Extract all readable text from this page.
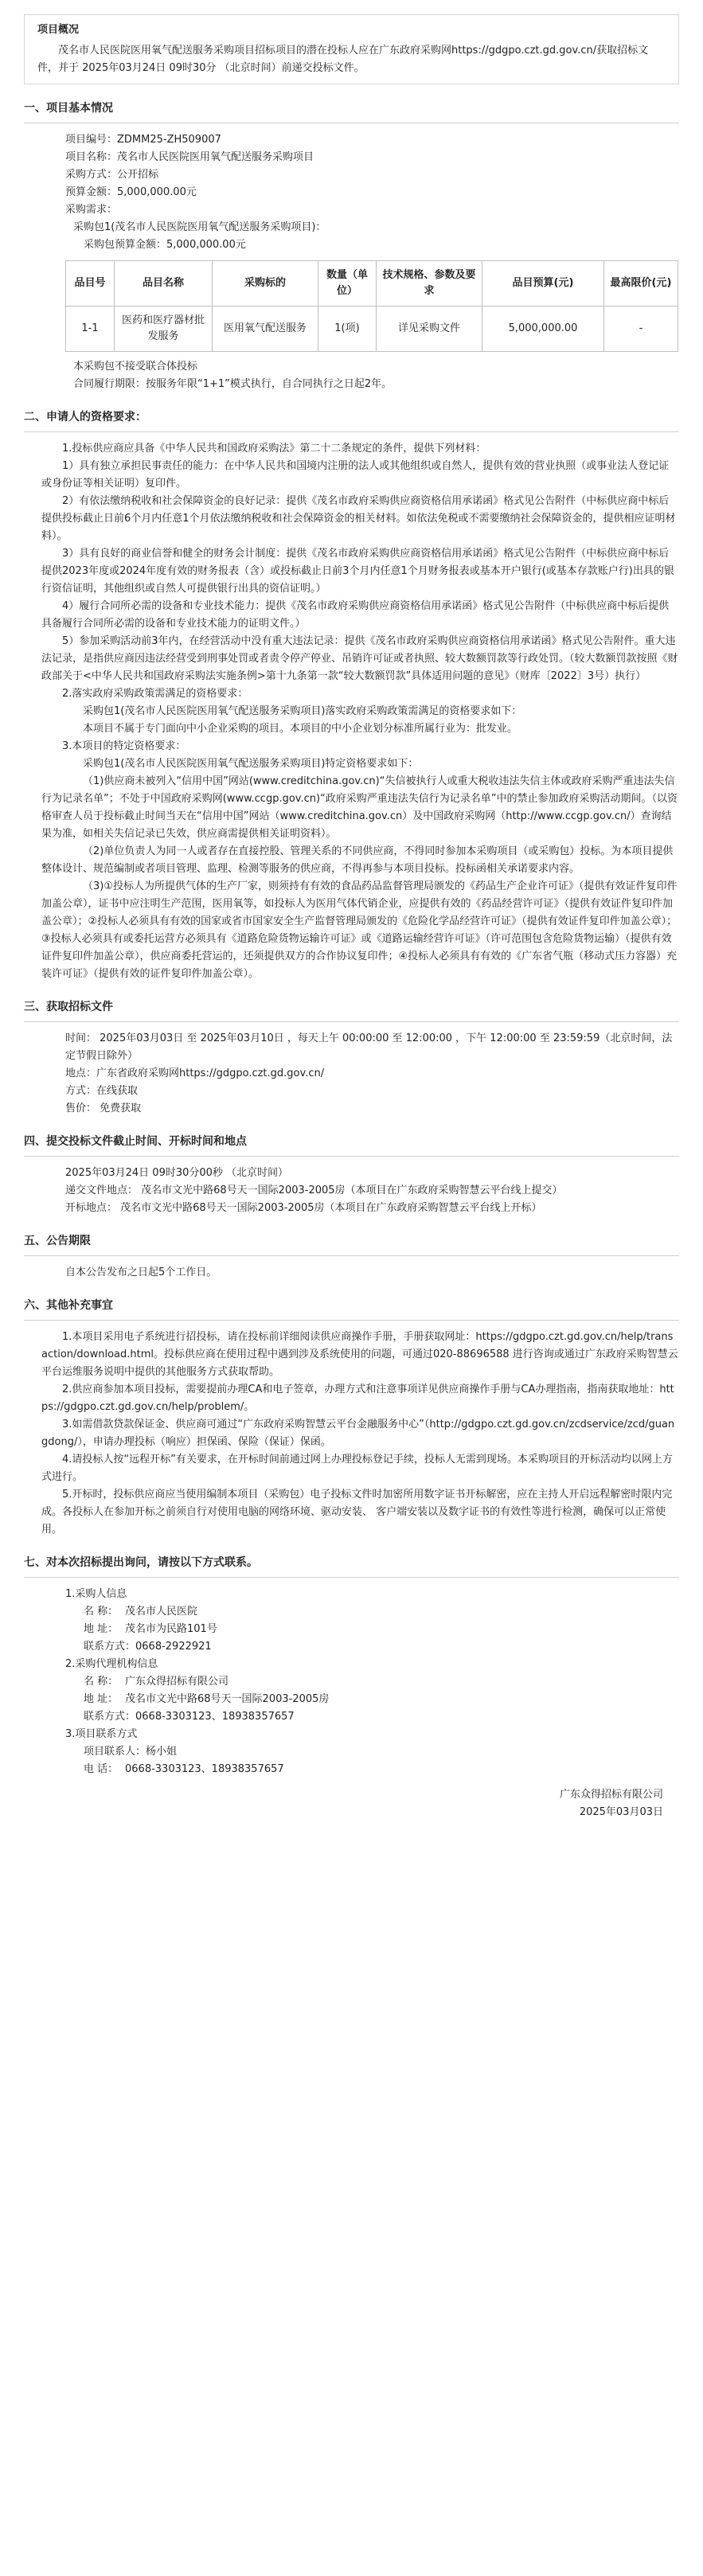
项目概况

茂名市人民医院医用氧气配送服务采购项目招标项目的潜在投标人应在广东政府采购网https://gdgpo.czt.gd.gov.cn/获取招标文件，并于 2025年03月24日 09时30分 （北京时间）前递交投标文件。

一、项目基本情况

项目编号：ZDMM25-ZH509007

项目名称：茂名市人民医院医用氧气配送服务采购项目

采购方式：公开招标

预算金额：5,000,000.00元

采购需求：

采购包1(茂名市人民医院医用氧气配送服务采购项目)：

采购包预算金额：5,000,000.00元

品目号	品目名称	采购标的	数量（单位）	技术规格、参数及要求	品目预算(元)	最高限价(元)
1-1	医药和医疗器材批发服务	医用氧气配送服务	1(项)	详见采购文件	5,000,000.00	-

本采购包不接受联合体投标

合同履行期限：按服务年限“1+1”模式执行，自合同执行之日起2年。

二、申请人的资格要求：

1.投标供应商应具备《中华人民共和国政府采购法》第二十二条规定的条件，提供下列材料：

1）具有独立承担民事责任的能力：在中华人民共和国境内注册的法人或其他组织或自然人，提供有效的营业执照（或事业法人登记证或身份证等相关证明）复印件。

2）有依法缴纳税收和社会保障资金的良好记录：提供《茂名市政府采购供应商资格信用承诺函》格式见公告附件（中标供应商中标后提供投标截止日前6个月内任意1个月依法缴纳税收和社会保障资金的相关材料。如依法免税或不需要缴纳社会保障资金的，提供相应证明材料）。

3）具有良好的商业信誉和健全的财务会计制度：提供《茂名市政府采购供应商资格信用承诺函》格式见公告附件（中标供应商中标后提供2023年度或2024年度有效的财务报表（含）或投标截止日前3个月内任意1个月财务报表或基本开户银行(或基本存款账户行)出具的银行资信证明，其他组织或自然人可提供银行出具的资信证明。）

4）履行合同所必需的设备和专业技术能力：提供《茂名市政府采购供应商资格信用承诺函》格式见公告附件（中标供应商中标后提供具备履行合同所必需的设备和专业技术能力的证明文件。）

5）参加采购活动前3年内，在经营活动中没有重大违法记录：提供《茂名市政府采购供应商资格信用承诺函》格式见公告附件。重大违法记录，是指供应商因违法经营受到刑事处罚或者责令停产停业、吊销许可证或者执照、较大数额罚款等行政处罚。（较大数额罚款按照《财政部关于<中华人民共和国政府采购法实施条例>第十九条第一款“较大数额罚款”具体适用问题的意见》（财库〔2022〕3号）执行）

2.落实政府采购政策需满足的资格要求：

采购包1(茂名市人民医院医用氧气配送服务采购项目)落实政府采购政策需满足的资格要求如下：

本项目不属于专门面向中小企业采购的项目。本项目的中小企业划分标准所属行业为：批发业。

3.本项目的特定资格要求：

采购包1(茂名市人民医院医用氧气配送服务采购项目)特定资格要求如下：

（1)供应商未被列入“信用中国”网站(www.creditchina.gov.cn)“失信被执行人或重大税收违法失信主体或政府采购严重违法失信行为记录名单”；不处于中国政府采购网(www.ccgp.gov.cn)“政府采购严重违法失信行为记录名单”中的禁止参加政府采购活动期间。（以资格审查人员于投标截止时间当天在“信用中国”网站（www.creditchina.gov.cn）及中国政府采购网（http://www.ccgp.gov.cn/）查询结果为准，如相关失信记录已失效，供应商需提供相关证明资料）。

（2)单位负责人为同一人或者存在直接控股、管理关系的不同供应商，不得同时参加本采购项目（或采购包）投标。为本项目提供整体设计、规范编制或者项目管理、监理、检测等服务的供应商，不得再参与本项目投标。投标函相关承诺要求内容。

（3)①投标人为所提供气体的生产厂家，则须持有有效的食品药品监督管理局颁发的《药品生产企业许可证》（提供有效证件复印件加盖公章），证书中应注明生产范围，医用氧等，如投标人为医用气体代销企业，应提供有效的《药品经营许可证》（提供有效证件复印件加盖公章）；②投标人必须具有有效的国家或省市国家安全生产监督管理局颁发的《危险化学品经营许可证》（提供有效证件复印件加盖公章）；③投标人必须具有或委托运营方必须具有《道路危险货物运输许可证》或《道路运输经营许可证》（许可范围包含危险货物运输）（提供有效证件复印件加盖公章），供应商委托营运的，还须提供双方的合作协议复印件；④投标人必须具有有效的《广东省气瓶（移动式压力容器）充装许可证》（提供有效的证件复印件加盖公章）。

三、获取招标文件

时间： 2025年03月03日 至 2025年03月10日 ，每天上午 00:00:00 至 12:00:00 ，下午 12:00:00 至 23:59:59（北京时间，法定节假日除外）

地点：广东省政府采购网https://gdgpo.czt.gd.gov.cn/

方式：在线获取

售价： 免费获取

四、提交投标文件截止时间、开标时间和地点

2025年03月24日 09时30分00秒 （北京时间）

递交文件地点： 茂名市文光中路68号天一国际2003-2005房（本项目在广东政府采购智慧云平台线上提交）

开标地点： 茂名市文光中路68号天一国际2003-2005房（本项目在广东政府采购智慧云平台线上开标）

五、公告期限

自本公告发布之日起5个工作日。

六、其他补充事宜

1.本项目采用电子系统进行招投标，请在投标前详细阅读供应商操作手册，手册获取网址：https://gdgpo.czt.gd.gov.cn/help/transaction/download.html。投标供应商在使用过程中遇到涉及系统使用的问题，可通过020-88696588 进行咨询或通过广东政府采购智慧云平台运维服务说明中提供的其他服务方式获取帮助。

2.供应商参加本项目投标，需要提前办理CA和电子签章，办理方式和注意事项详见供应商操作手册与CA办理指南，指南获取地址：https://gdgpo.czt.gd.gov.cn/help/problem/。

3.如需借款贷款保证金、供应商可通过“广东政府采购智慧云平台金融服务中心”（http://gdgpo.czt.gd.gov.cn/zcdservice/zcd/guangdong/），申请办理投标（响应）担保函、保险（保证）保函。

4.请投标人按“远程开标”有关要求，在开标时间前通过网上办理投标登记手续，投标人无需到现场。本采购项目的开标活动均以网上方式进行。

5.开标时，投标供应商应当使用编制本项目（采购包）电子投标文件时加密所用数字证书开标解密，应在主持人开启远程解密时限内完成。各投标人在参加开标之前须自行对使用电脑的网络环境、驱动安装、 客户端安装以及数字证书的有效性等进行检测，确保可以正常使用。

七、对本次招标提出询问，请按以下方式联系。

1.采购人信息

名 称： 茂名市人民医院

地 址： 茂名市为民路101号

联系方式：0668-2922921

2.采购代理机构信息

名 称： 广东众得招标有限公司

地 址： 茂名市文光中路68号天一国际2003-2005房

联系方式：0668-3303123、18938357657

3.项目联系方式

项目联系人：杨小姐

电 话： 0668-3303123、18938357657

广东众得招标有限公司

2025年03月03日
